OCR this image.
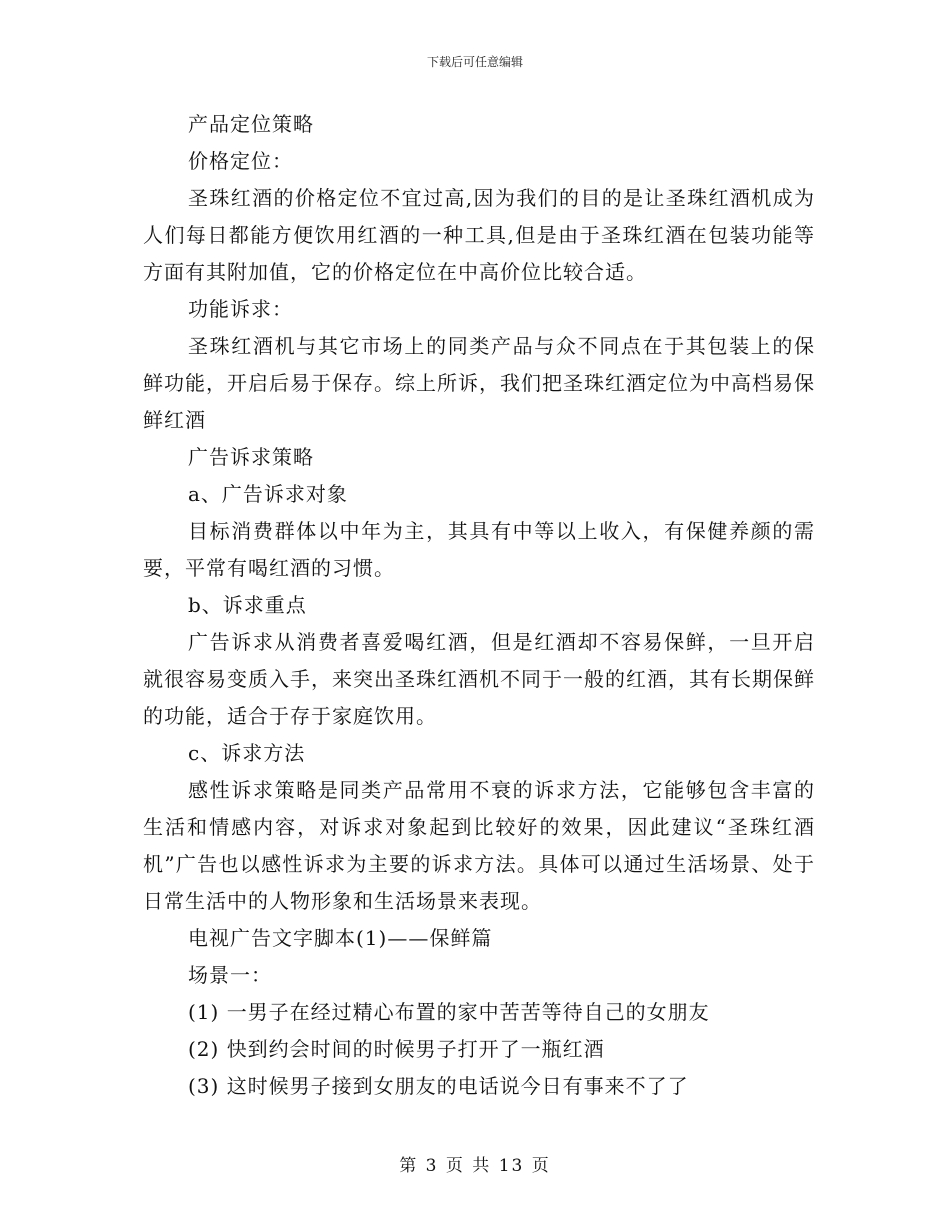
下载后可任意编辑

产品定位策略

价格定位：

圣珠红酒的价格定位不宜过高,因为我们的目的是让圣珠红酒机成为人们每日都能方便饮用红酒的一种工具,但是由于圣珠红酒在包装功能等方面有其附加值，它的价格定位在中高价位比较合适。

功能诉求：

圣珠红酒机与其它市场上的同类产品与众不同点在于其包装上的保鲜功能，开启后易于保存。综上所诉，我们把圣珠红酒定位为中高档易保鲜红酒

广告诉求策略

a、广告诉求对象

目标消费群体以中年为主，其具有中等以上收入，有保健养颜的需要，平常有喝红酒的习惯。

b、诉求重点

广告诉求从消费者喜爱喝红酒，但是红酒却不容易保鲜，一旦开启就很容易变质入手，来突出圣珠红酒机不同于一般的红酒，其有长期保鲜的功能，适合于存于家庭饮用。

c、诉求方法

感性诉求策略是同类产品常用不衰的诉求方法，它能够包含丰富的生活和情感内容，对诉求对象起到比较好的效果，因此建议“圣珠红酒机”广告也以感性诉求为主要的诉求方法。具体可以通过生活场景、处于日常生活中的人物形象和生活场景来表现。

电视广告文字脚本(1)——保鲜篇

场景一：

(1) 一男子在经过精心布置的家中苦苦等待自己的女朋友

(2) 快到约会时间的时候男子打开了一瓶红酒

(3) 这时候男子接到女朋友的电话说今日有事来不了了

第 3 页 共 13 页
